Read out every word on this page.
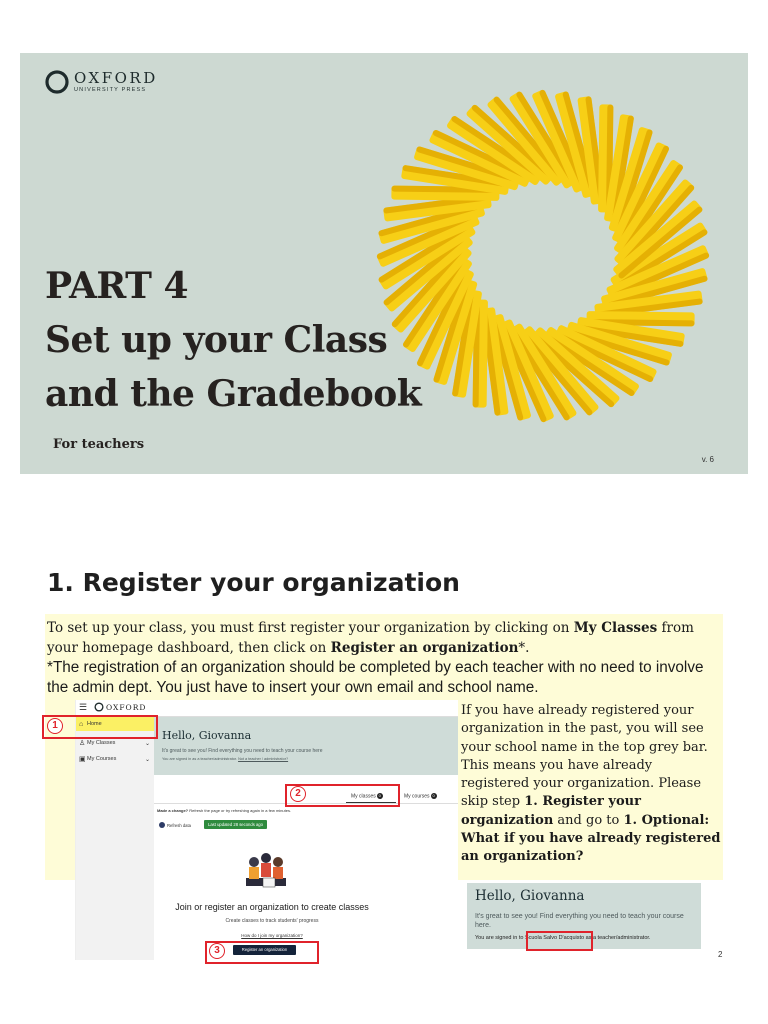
OXFORD
UNIVERSITY PRESS
PART 4
Set up your Class
and the Gradebook
For teachers
v. 6
1. Register your organization
To set up your class, you must first register your organization by clicking on My Classes from your homepage dashboard, then click on Register an organization*.
*The registration of an organization should be completed by each teacher with no need to involve the admin dept. You just have to insert your own email and school name.
☰	OXFORD
⌂ Home
♙ My Classes	⌄
▣ My Courses	⌄
Hello, Giovanna
It's great to see you! Find everything you need to teach your course here
You are signed in as a teacher/administrator. Not a teacher / administrator?
My classes 0	My courses 0
Made a change? Refresh the page or try refreshing again in a few minutes.
Refresh data	Last updated 28 seconds ago
Join or register an organization to create classes
Create classes to track students' progress
How do I join my organization?
Register an organization
1
2
3
If you have already registered your organization in the past, you will see your school name in the top grey bar. This means you have already registered your organization. Please skip step 1. Register your organization and go to 1. Optional: What if you have already registered an organization?
Hello, Giovanna
It's great to see you! Find everything you need to teach your course here.
You are signed in to Scuola Salvo D'acquisto as a teacher/administrator.
2
